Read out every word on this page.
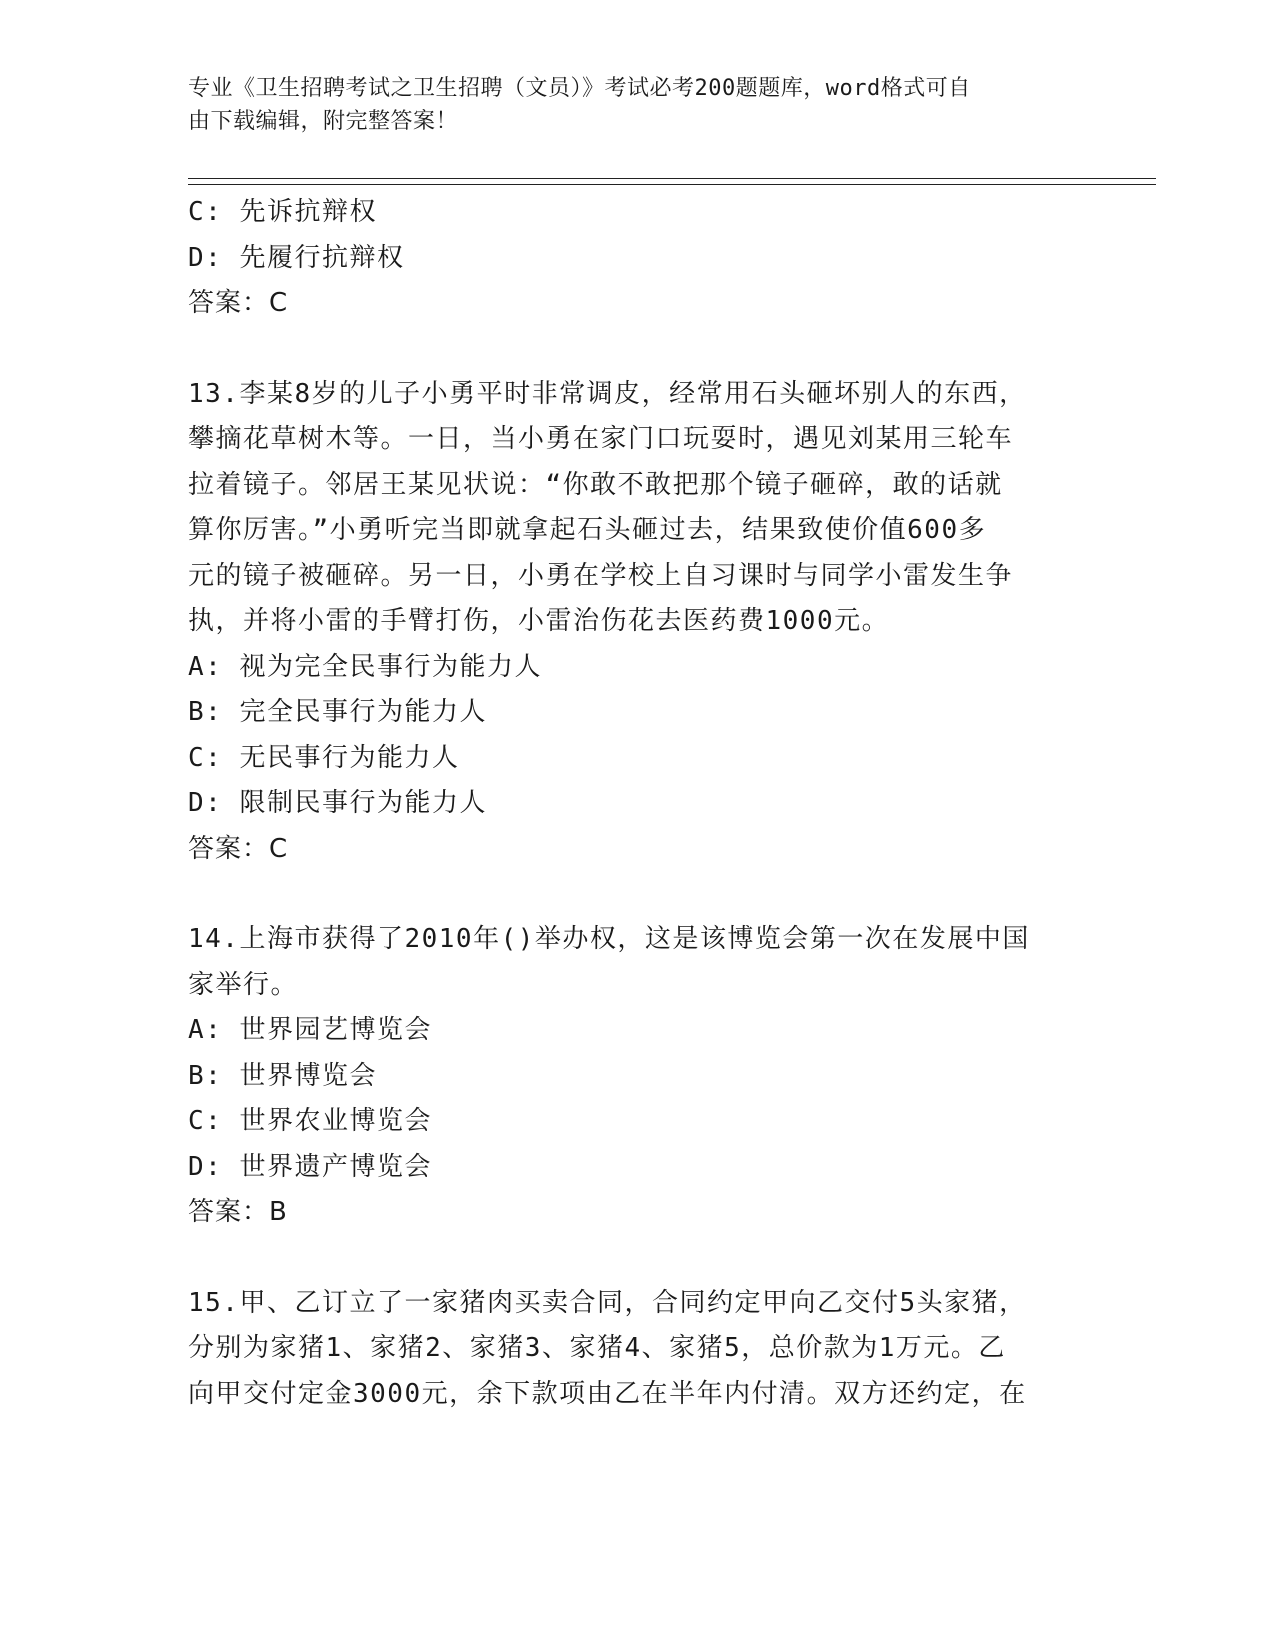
专业《卫生招聘考试之卫生招聘（文员）》考试必考200题题库，word格式可自
由下载编辑，附完整答案！
C: 先诉抗辩权
D: 先履行抗辩权
答案：C
13.李某8岁的儿子小勇平时非常调皮，经常用石头砸坏别人的东西，
攀摘花草树木等。一日，当小勇在家门口玩耍时，遇见刘某用三轮车
拉着镜子。邻居王某见状说：“你敢不敢把那个镜子砸碎，敢的话就
算你厉害。”小勇听完当即就拿起石头砸过去，结果致使价值600多
元的镜子被砸碎。另一日，小勇在学校上自习课时与同学小雷发生争
执，并将小雷的手臂打伤，小雷治伤花去医药费1000元。
A: 视为完全民事行为能力人
B: 完全民事行为能力人
C: 无民事行为能力人
D: 限制民事行为能力人
答案：C
14.上海市获得了2010年()举办权，这是该博览会第一次在发展中国
家举行。
A: 世界园艺博览会
B: 世界博览会
C: 世界农业博览会
D: 世界遗产博览会
答案：B
15.甲、乙订立了一家猪肉买卖合同，合同约定甲向乙交付5头家猪，
分别为家猪1、家猪2、家猪3、家猪4、家猪5，总价款为1万元。乙
向甲交付定金3000元，余下款项由乙在半年内付清。双方还约定，在
